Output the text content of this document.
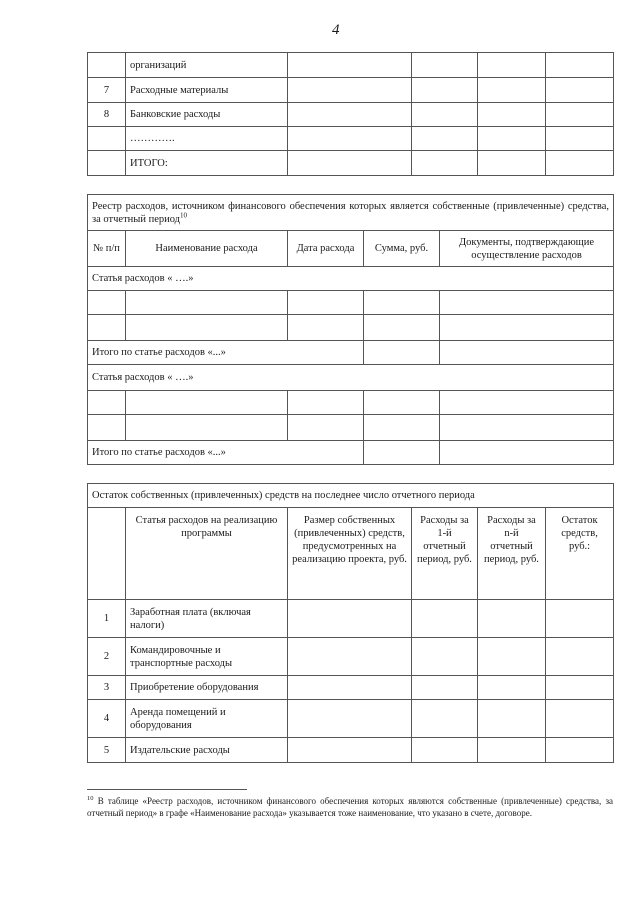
4
	организаций				
7	Расходные материалы				
8	Банковские расходы				
	………….				
	ИТОГО:				
Реестр расходов, источником финансового обеспечения которых является собственные (привлеченные) средства, за отчетный период$^{10}$
№ п/п	Наименование расхода	Дата расхода	Сумма, руб.	Документы, подтверждающие осуществление расходов
Статья расходов « ….»				

Итого по статье расходов «...»				
Статья расходов « ….»				

Итого по статье расходов «...»				
Остаток собственных (привлеченных) средств на последнее число отчетного периода					
	Статья расходов на реализацию программы	Размер собственных (привлеченных) средств, предусмотренных на реализацию проекта, руб.	Расходы за 1-й отчетный период, руб.	Расходы за n-й отчетный период, руб.	Остаток средств, руб.:
1	Заработная плата (включая налоги)				
2	Командировочные и транспортные расходы				
3	Приобретение оборудования				
4	Аренда помещений и оборудования				
5	Издательские расходы				
$^{10}$ В таблице «Реестр расходов, источником финансового обеспечения которых являются собственные (привлеченные) средства, за отчетный период» в графе «Наименование расхода» указывается тоже наименование, что указано в счете, договоре.
